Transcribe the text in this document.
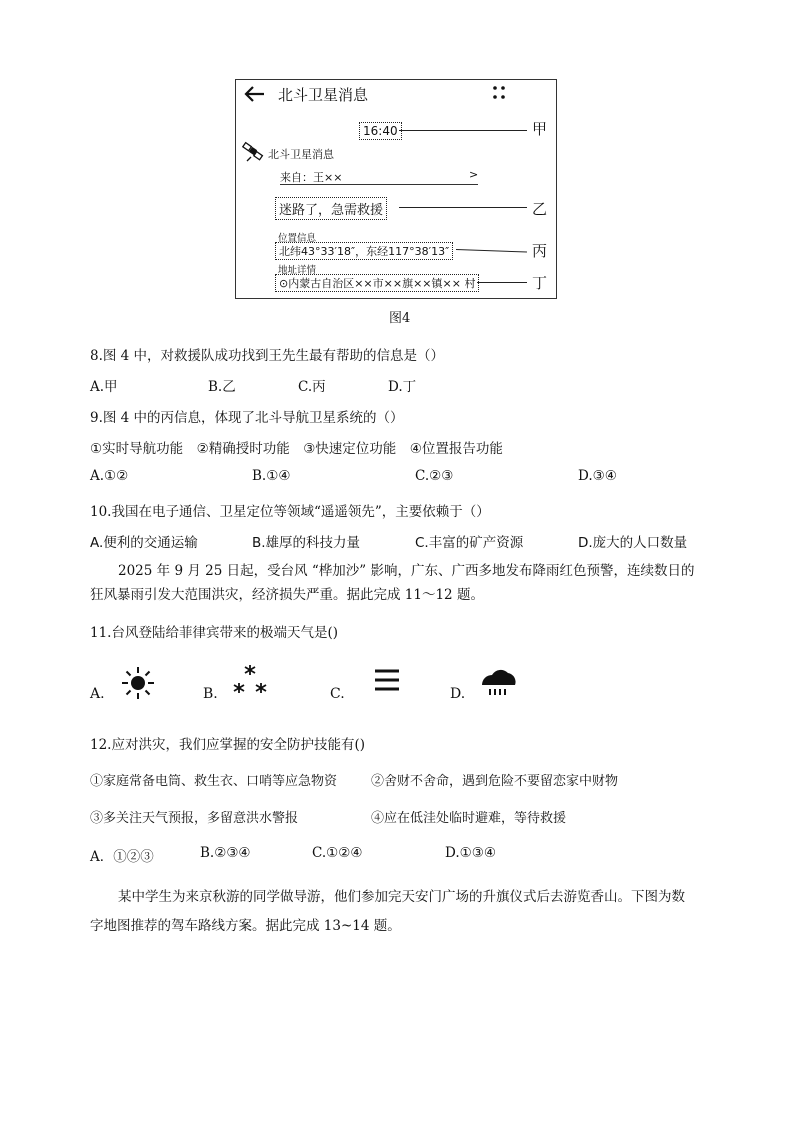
北斗卫星消息
16:40
北斗卫星消息
来自：王××	>
迷路了，急需救援
位置信息
北纬43°33′18″，东经117°38′13″
地址详情
⊙内蒙古自治区××市××旗××镇×× 村
甲
乙
丙
丁
图4
8.图 4 中，对救援队成功找到王先生最有帮助的信息是（）
A.甲	B.乙	C.丙	D.丁
9.图 4 中的丙信息，体现了北斗导航卫星系统的（）
①实时导航功能　②精确授时功能　③快速定位功能　④位置报告功能
A.①②	B.①④	C.②③	D.③④
10.我国在电子通信、卫星定位等领域“遥遥领先”，主要依赖于（）
A.便利的交通运输	B.雄厚的科技力量	C.丰富的矿产资源	D.庞大的人口数量
2025 年 9 月 25 日起，受台风 “桦加沙” 影响，广东、广西多地发布降雨红色预警，连续数日的
狂风暴雨引发大范围洪灾，经济损失严重。据此完成 11～12 题。
11.台风登陆给菲律宾带来的极端天气是()
A.	B.	C.	D.
12.应对洪灾，我们应掌握的安全防护技能有()
①家庭常备电筒、救生衣、口哨等应急物资	②舍财不舍命，遇到危险不要留恋家中财物
③多关注天气预报，多留意洪水警报	④应在低洼处临时避难，等待救援
A．①②③	B.②③④	C.①②④	D.①③④
某中学生为来京秋游的同学做导游，他们参加完天安门广场的升旗仪式后去游览香山。下图为数
字地图推荐的驾车路线方案。据此完成 13~14 题。
